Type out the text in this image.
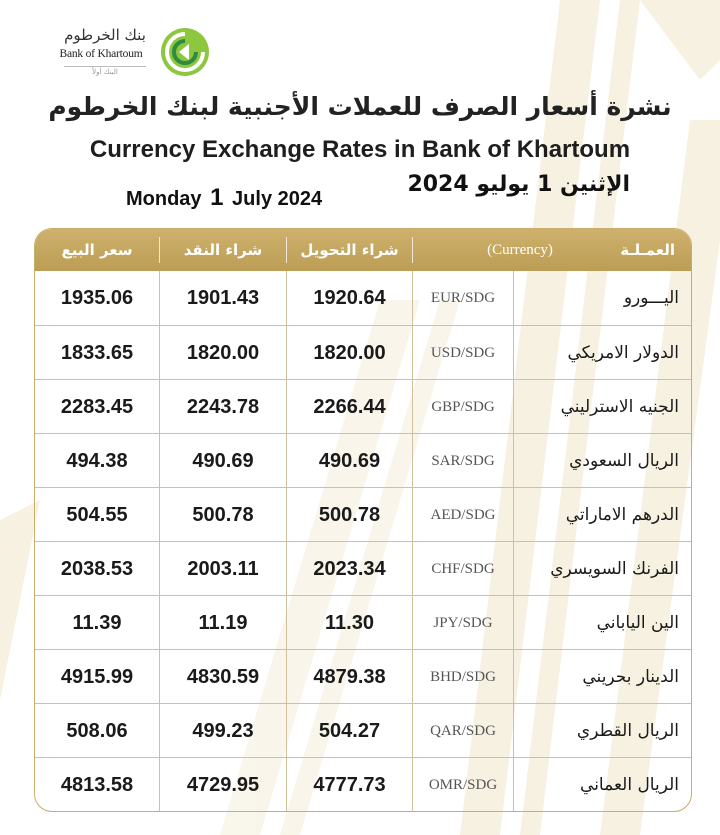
بنك الخرطوم
Bank of Khartoum
البنك أولاً
نشرة أسعار الصرف للعملات الأجنبية لبنك الخرطوم
Currency Exchange Rates in Bank of Khartoum
Monday 1 July 2024
الإثنين 1 يوليو 2024
سعر البيع	شراء النقد	شراء التحويل	(Currency)	العمـلـة
1935.06	1901.43	1920.64	EUR/SDG	اليـــورو
1833.65	1820.00	1820.00	USD/SDG	الدولار الامريكي
2283.45	2243.78	2266.44	GBP/SDG	الجنيه الاسترليني
494.38	490.69	490.69	SAR/SDG	الريال السعودي
504.55	500.78	500.78	AED/SDG	الدرهم الاماراتي
2038.53	2003.11	2023.34	CHF/SDG	الفرنك السويسري
11.39	11.19	11.30	JPY/SDG	الين الياباني
4915.99	4830.59	4879.38	BHD/SDG	الدينار بحريني
508.06	499.23	504.27	QAR/SDG	الريال القطري
4813.58	4729.95	4777.73	OMR/SDG	الريال العماني
